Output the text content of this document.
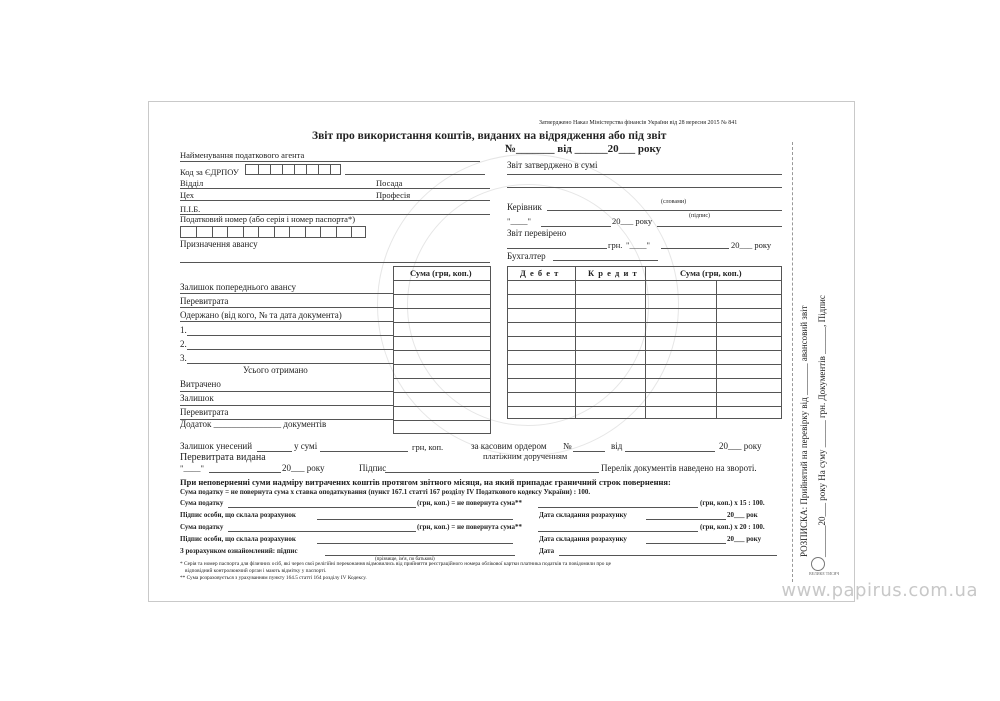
Затверджено Наказ Міністерства фінансів України від 28 вересня 2015 № 841
Звіт про використання коштів, виданих на відрядження або під звіт
№_______ від ______20___ року
Найменування податкового агента
Код за ЄДРПОУ
Відділ	Посада
Цех	Професія
П.І.Б.
Податковий номер (або серія і номер паспорта*)
Призначення авансу
Звіт затверджено в сумі
(словами)
Керівник
(підпис)
"____"	20___ року
Звіт перевірено
грн. "____"	20___ року
Бухгалтер
Сума (грн, коп.)
Залишок попереднього авансу
Перевитрата
Одержано (від кого, № та дата документа)
1.
2.
3.
Усього отримано
Витрачено
Залишок
Перевитрата
Додаток _______________ документів
Д е б е т	К р е д и т	Сума (грн, коп.)
Залишок унесений	у сумі	грн, коп.	за касовим ордером №	від	20___ року
платіжним дорученням
Перевитрата видана
"____"	20___ року	Підпис	Перелік документів наведено на звороті.
При неповерненні суми надміру витрачених коштів протягом звітного місяця, на який припадає граничний строк повернення:
Сума податку = не повернута сума х ставка оподаткування (пункт 167.1 статті 167 розділу IV Податкового кодексу України) : 100.
Сума податку	(грн, коп.) = не повернута сума**	(грн, коп.) х 15 : 100.
Підпис особи, що склала розрахунок	Дата складання розрахунку	20___ рок
Сума податку	(грн, коп.) = не повернута сума**	(грн, коп.) х 20 : 100.
Підпис особи, що склала розрахунок	Дата складання розрахунку	20___ року
З розрахунком ознайомлений: підпис
(прізвище, ім'я, по батькові)
Дата
* Серія та номер паспорта для фізичних осіб, які через свої релігійні переконання відмовились від прийняття реєстраційного номера облікової картки платника податків та повідомили про це
відповідний контролюючий орган і мають відмітку у паспорті.
** Сума розраховується з урахуванням пункту 164.5 статті 164 розділу IV Кодексу.
РОЗПИСКА: Прийнятий на перевірку від _______ авансовий звіт _______20___ року На суму ______ грн. Документів ______, Підпис
ВЕЛИКЕ ТИСЯЧ
www.papirus.com.ua
